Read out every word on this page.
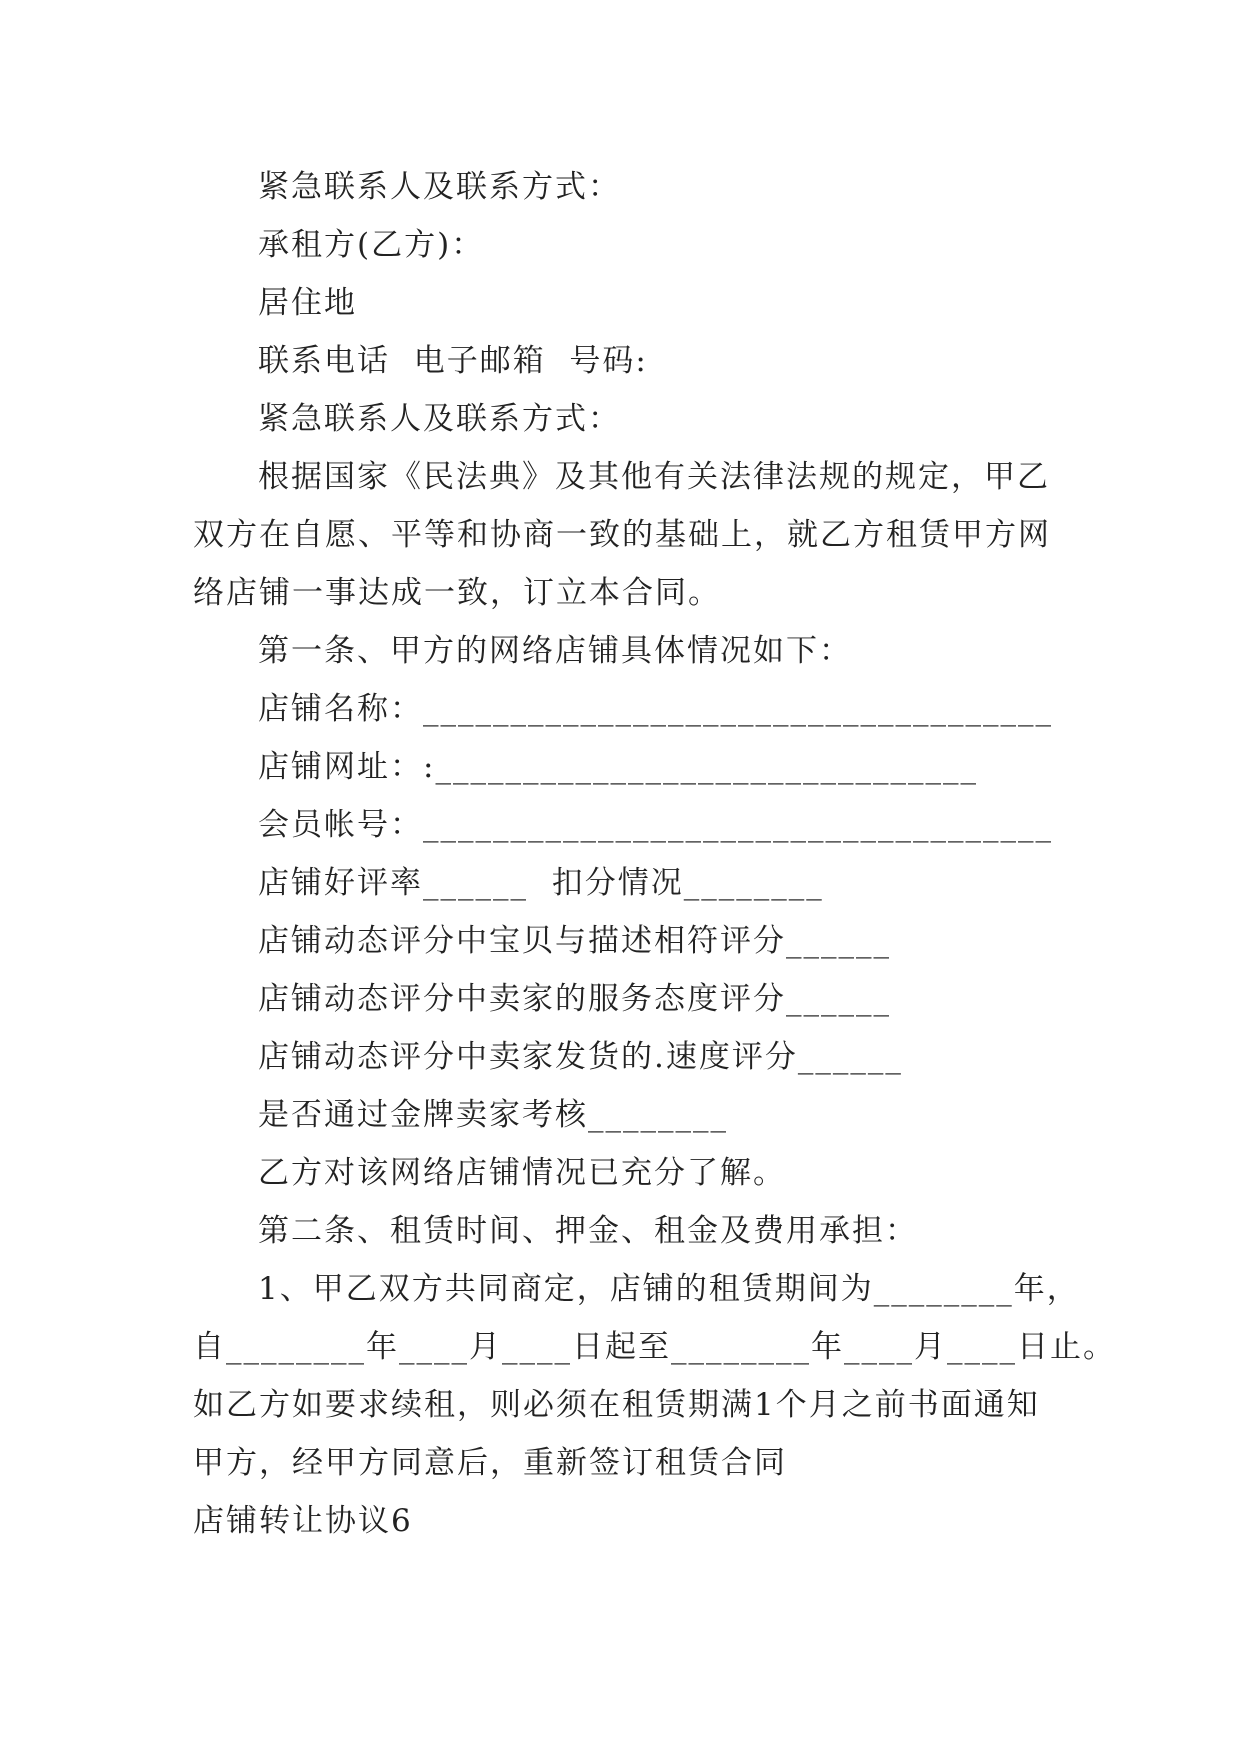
紧急联系人及联系方式：
承租方(乙方)：
居住地
联系电话  电子邮箱  号码:
紧急联系人及联系方式：
根据国家《民法典》及其他有关法律法规的规定，甲乙
双方在自愿、平等和协商一致的基础上，就乙方租赁甲方网
络店铺一事达成一致，订立本合同。
第一条、甲方的网络店铺具体情况如下：
店铺名称：____________________________________
店铺网址：:_______________________________
会员帐号：____________________________________
店铺好评率______  扣分情况________
店铺动态评分中宝贝与描述相符评分______
店铺动态评分中卖家的服务态度评分______
店铺动态评分中卖家发货的.速度评分______
是否通过金牌卖家考核________
乙方对该网络店铺情况已充分了解。
第二条、租赁时间、押金、租金及费用承担：
1、甲乙双方共同商定，店铺的租赁期间为________年，
自________年____月____日起至________年____月____日止。
如乙方如要求续租，则必须在租赁期满1个月之前书面通知
甲方，经甲方同意后，重新签订租赁合同
店铺转让协议6
